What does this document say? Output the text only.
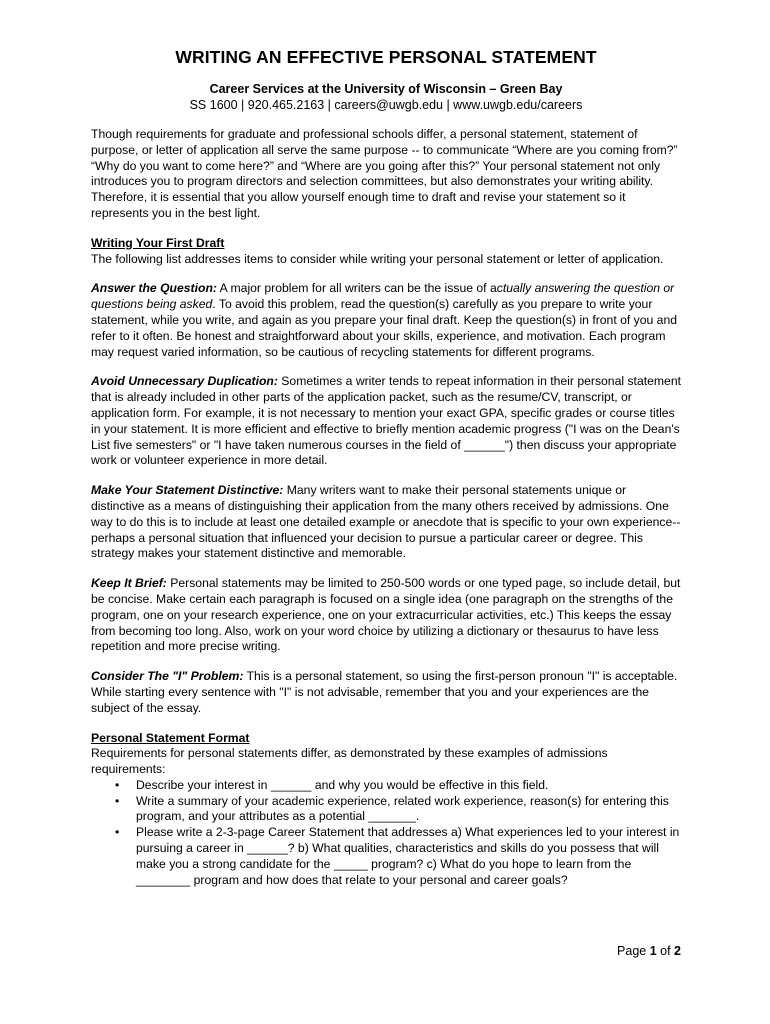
WRITING AN EFFECTIVE PERSONAL STATEMENT

Career Services at the University of Wisconsin – Green Bay

SS 1600 | 920.465.2163 | careers@uwgb.edu | www.uwgb.edu/careers

Though requirements for graduate and professional schools differ, a personal statement, statement of purpose, or letter of application all serve the same purpose -- to communicate “Where are you coming from?” “Why do you want to come here?” and “Where are you going after this?” Your personal statement not only introduces you to program directors and selection committees, but also demonstrates your writing ability. Therefore, it is essential that you allow yourself enough time to draft and revise your statement so it represents you in the best light.

Writing Your First Draft

The following list addresses items to consider while writing your personal statement or letter of application.

Answer the Question: A major problem for all writers can be the issue of actually answering the question or questions being asked. To avoid this problem, read the question(s) carefully as you prepare to write your statement, while you write, and again as you prepare your final draft. Keep the question(s) in front of you and refer to it often. Be honest and straightforward about your skills, experience, and motivation. Each program may request varied information, so be cautious of recycling statements for different programs.

Avoid Unnecessary Duplication: Sometimes a writer tends to repeat information in their personal statement that is already included in other parts of the application packet, such as the resume/CV, transcript, or application form. For example, it is not necessary to mention your exact GPA, specific grades or course titles in your statement. It is more efficient and effective to briefly mention academic progress ("I was on the Dean's List five semesters" or "I have taken numerous courses in the field of ______") then discuss your appropriate work or volunteer experience in more detail.

Make Your Statement Distinctive: Many writers want to make their personal statements unique or distinctive as a means of distinguishing their application from the many others received by admissions. One way to do this is to include at least one detailed example or anecdote that is specific to your own experience--perhaps a personal situation that influenced your decision to pursue a particular career or degree. This strategy makes your statement distinctive and memorable.

Keep It Brief: Personal statements may be limited to 250-500 words or one typed page, so include detail, but be concise. Make certain each paragraph is focused on a single idea (one paragraph on the strengths of the program, one on your research experience, one on your extracurricular activities, etc.) This keeps the essay from becoming too long. Also, work on your word choice by utilizing a dictionary or thesaurus to have less repetition and more precise writing.

Consider The "I" Problem: This is a personal statement, so using the first-person pronoun "I" is acceptable. While starting every sentence with "I" is not advisable, remember that you and your experiences are the subject of the essay.

Personal Statement Format

Requirements for personal statements differ, as demonstrated by these examples of admissions requirements:

• Describe your interest in ______ and why you would be effective in this field.
• Write a summary of your academic experience, related work experience, reason(s) for entering this program, and your attributes as a potential _______.
• Please write a 2-3-page Career Statement that addresses a) What experiences led to your interest in pursuing a career in ______? b) What qualities, characteristics and skills do you possess that will make you a strong candidate for the _____ program? c) What do you hope to learn from the ________ program and how does that relate to your personal and career goals?
Page 1 of 2
